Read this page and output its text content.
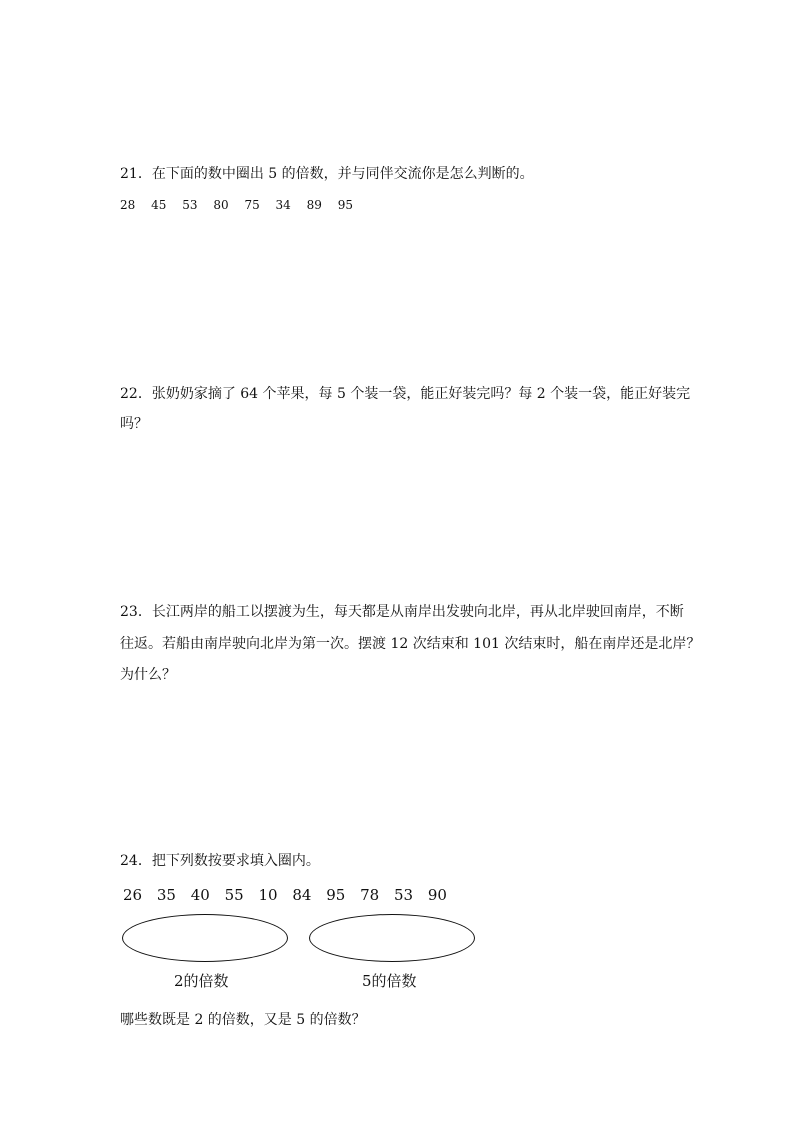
21．在下面的数中圈出 5 的倍数，并与同伴交流你是怎么判断的。
28 45 53 80 75 34 89 95
22．张奶奶家摘了 64 个苹果，每 5 个装一袋，能正好装完吗？每 2 个装一袋，能正好装完
吗？
23．长江两岸的船工以摆渡为生，每天都是从南岸出发驶向北岸，再从北岸驶回南岸，不断
往返。若船由南岸驶向北岸为第一次。摆渡 12 次结束和 101 次结束时，船在南岸还是北岸？
为什么？
24．把下列数按要求填入圈内。
26 35 40 55 10 84 95 78 53 90
2的倍数	5的倍数
哪些数既是 2 的倍数，又是 5 的倍数？
